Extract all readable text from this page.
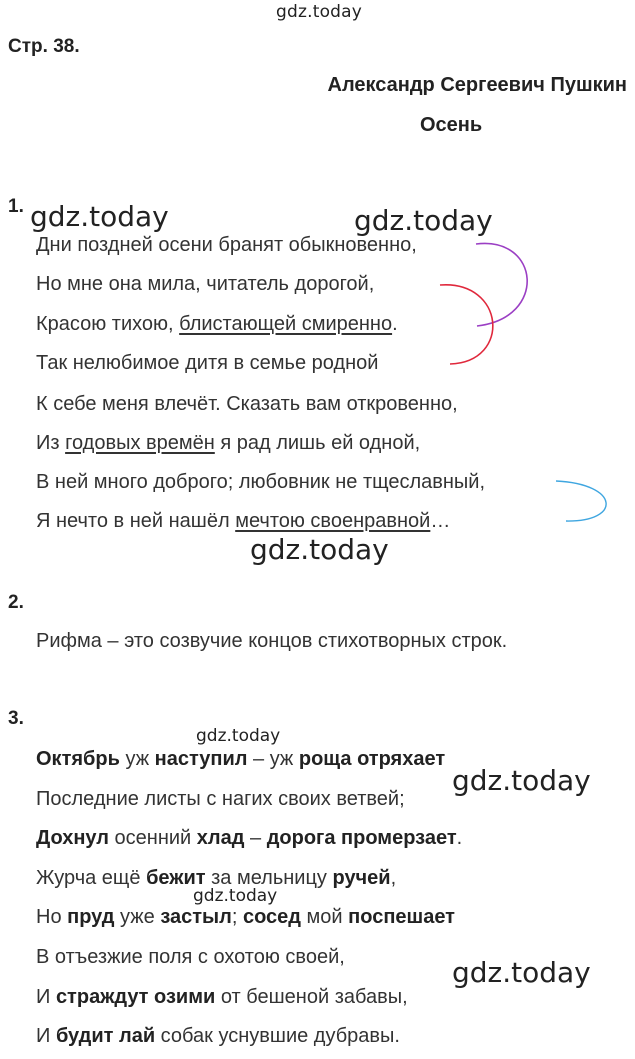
gdz.today
gdz.today	gdz.today
gdz.today
gdz.today
gdz.today
gdz.today
gdz.today
Стр. 38.
Александр Сергеевич Пушкин
Осень
1.
Дни поздней осени бранят обыкновенно,
Но мне она мила, читатель дорогой,
Красою тихою, блистающей смиренно.
Так нелюбимое дитя в семье родной
К себе меня влечёт. Сказать вам откровенно,
Из годовых времён я рад лишь ей одной,
В ней много доброго; любовник не тщеславный,
Я нечто в ней нашёл мечтою своенравной…
2.
Рифма – это созвучие концов стихотворных строк.
3.
Октябрь уж наступил – уж роща отряхает
Последние листы с нагих своих ветвей;
Дохнул осенний хлад – дорога промерзает.
Журча ещё бежит за мельницу ручей,
Но пруд уже застыл; сосед мой поспешает
В отъезжие поля с охотою своей,
И страждут озими от бешеной забавы,
И будит лай собак уснувшие дубравы.
